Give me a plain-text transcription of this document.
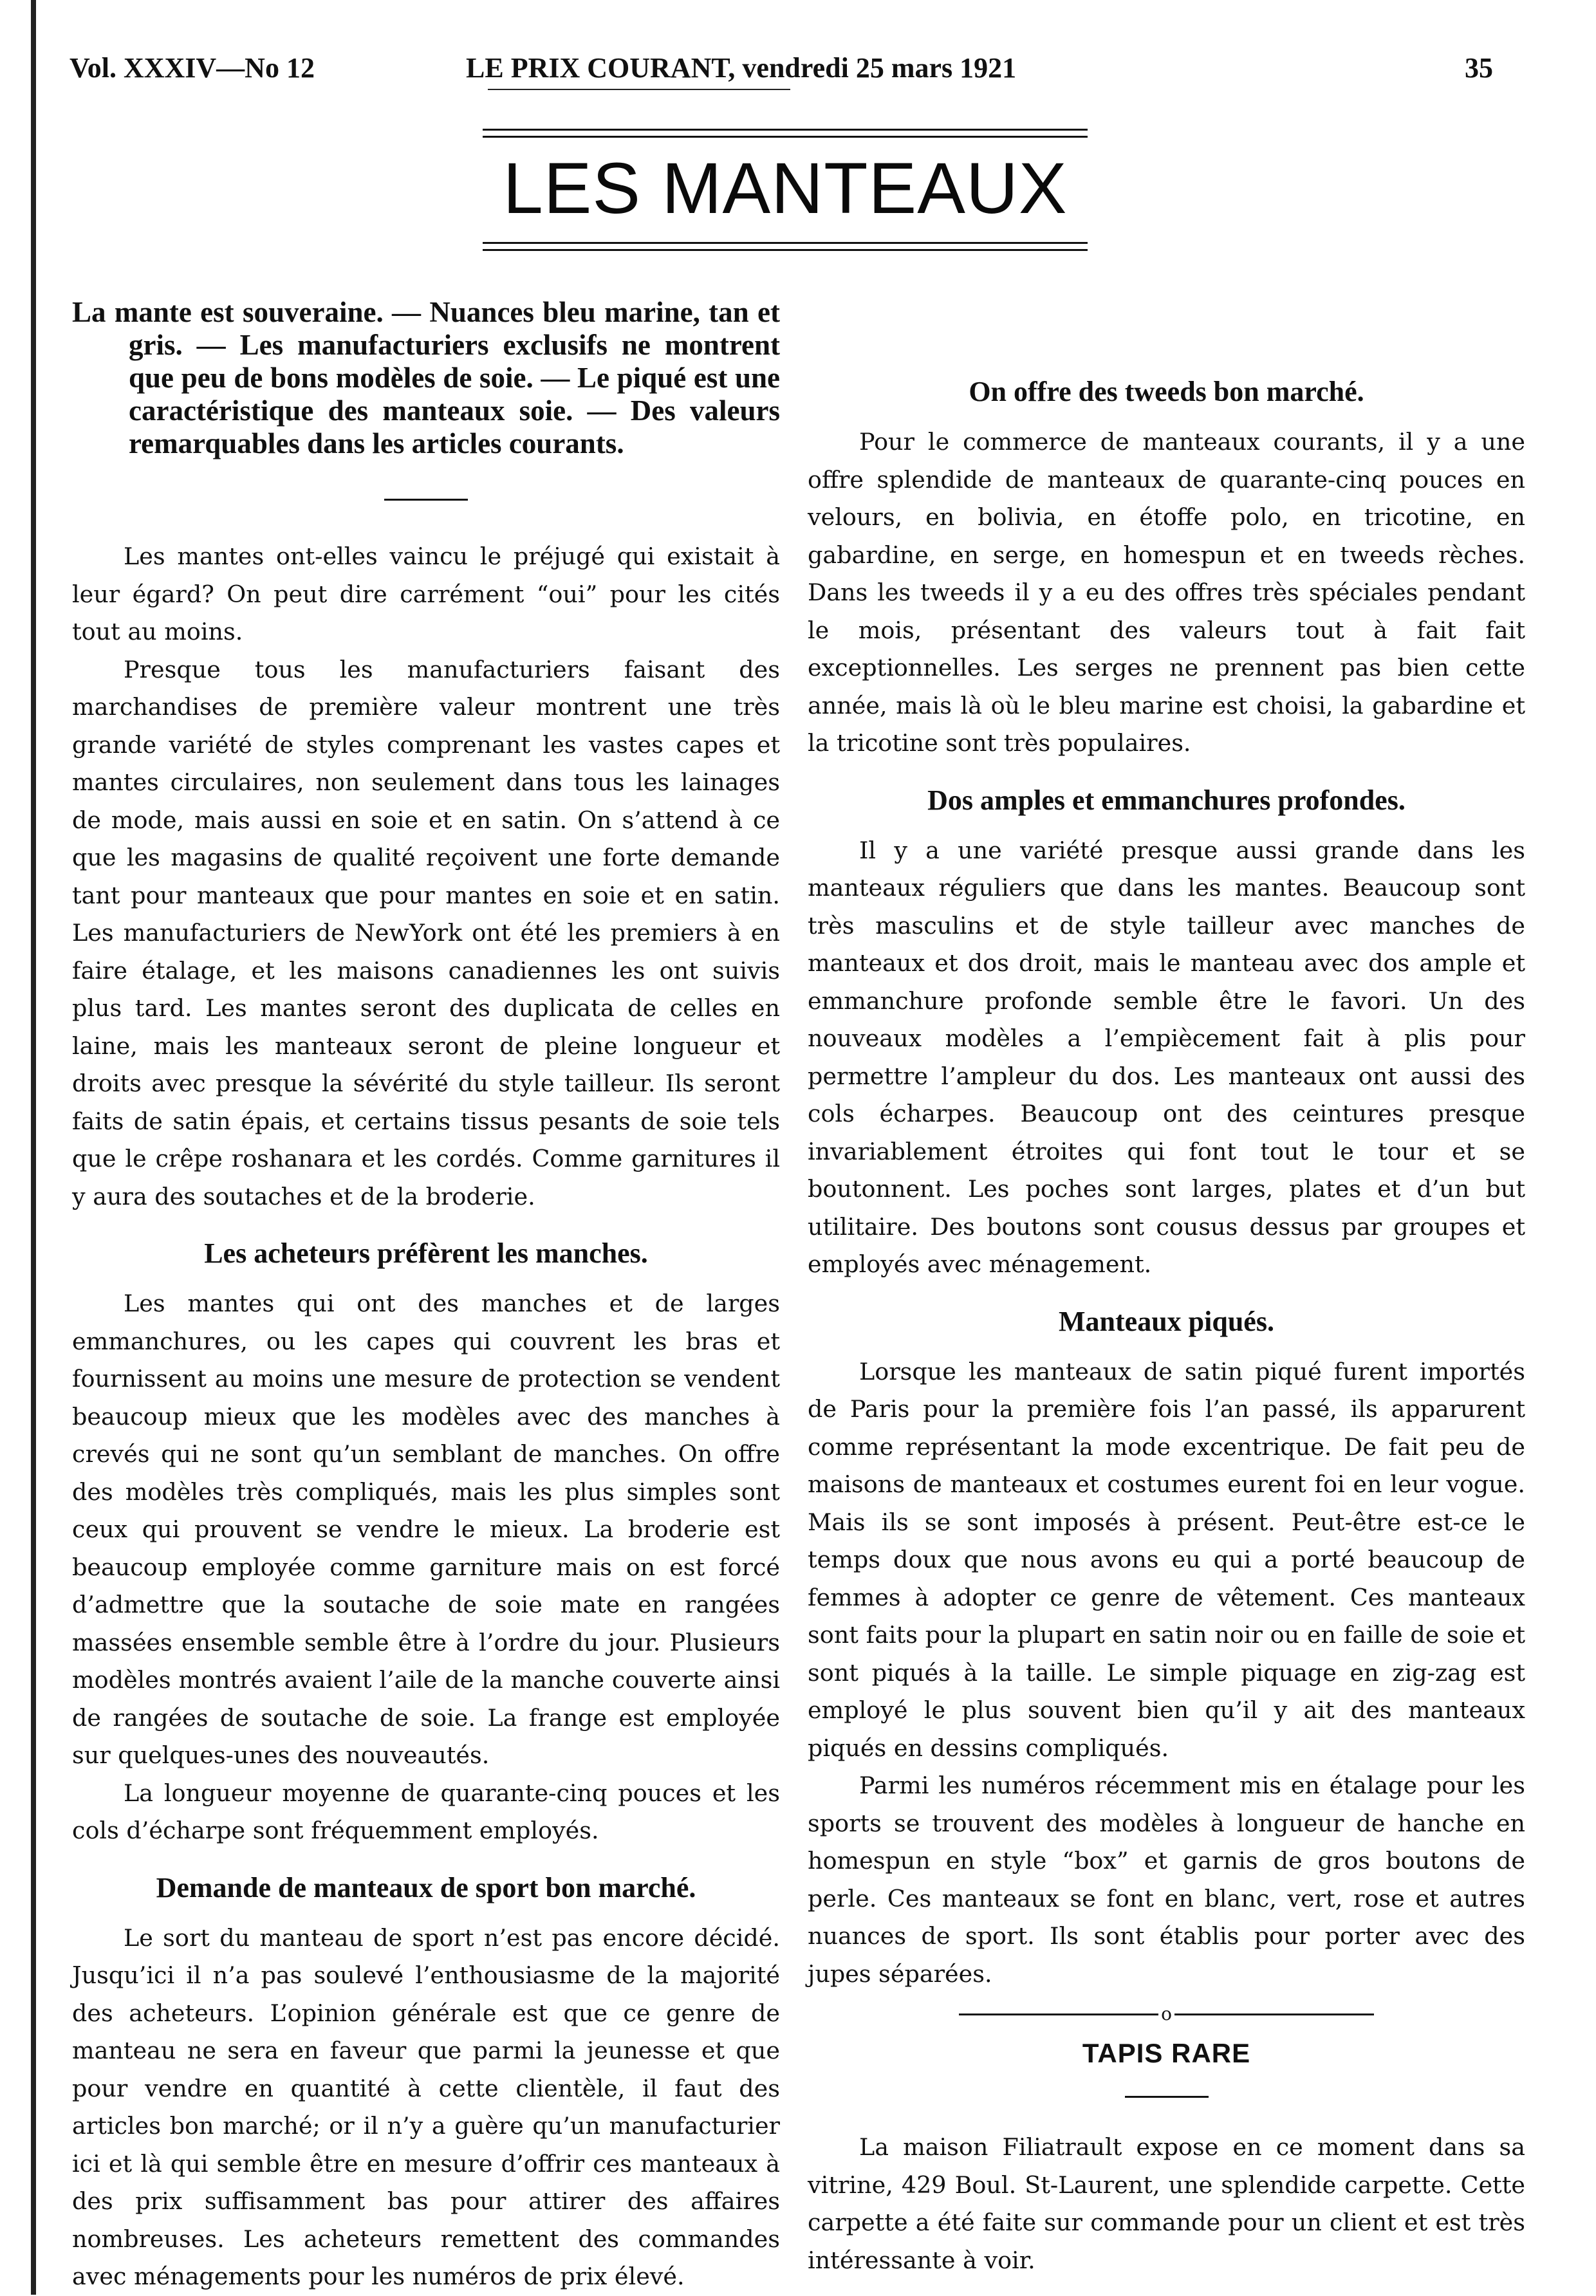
Vol. XXXIV—No 12	LE PRIX COURANT, vendredi 25 mars 1921	35
LES MANTEAUX

La mante est souveraine. — Nuances bleu marine, tan et gris. — Les manufacturiers exclusifs ne montrent que peu de bons modèles de soie. — Le piqué est une caractéristique des manteaux soie. — Des valeurs remarquables dans les articles courants.

Les mantes ont-elles vaincu le préjugé qui existait à leur égard? On peut dire carrément “oui” pour les cités tout au moins.

Presque tous les manufacturiers faisant des marchandises de première valeur montrent une très grande variété de styles comprenant les vastes capes et mantes circulaires, non seulement dans tous les lainages de mode, mais aussi en soie et en satin. On s’attend à ce que les magasins de qualité reçoivent une forte demande tant pour manteaux que pour mantes en soie et en satin. Les manufacturiers de NewYork ont été les premiers à en faire étalage, et les maisons canadiennes les ont suivis plus tard. Les mantes seront des duplicata de celles en laine, mais les manteaux seront de pleine longueur et droits avec presque la sévérité du style tailleur. Ils seront faits de satin épais, et certains tissus pesants de soie tels que le crêpe roshanara et les cordés. Comme garnitures il y aura des soutaches et de la broderie.

Les acheteurs préfèrent les manches.

Les mantes qui ont des manches et de larges emmanchures, ou les capes qui couvrent les bras et fournissent au moins une mesure de protection se vendent beaucoup mieux que les modèles avec des manches à crevés qui ne sont qu’un semblant de manches. On offre des modèles très compliqués, mais les plus simples sont ceux qui prouvent se vendre le mieux. La broderie est beaucoup employée comme garniture mais on est forcé d’admettre que la soutache de soie mate en rangées massées ensemble semble être à l’ordre du jour. Plusieurs modèles montrés avaient l’aile de la manche couverte ainsi de rangées de soutache de soie. La frange est employée sur quelques-unes des nouveautés.

La longueur moyenne de quarante-cinq pouces et les cols d’écharpe sont fréquemment employés.

Demande de manteaux de sport bon marché.

Le sort du manteau de sport n’est pas encore décidé. Jusqu’ici il n’a pas soulevé l’enthousiasme de la majorité des acheteurs. L’opinion générale est que ce genre de manteau ne sera en faveur que parmi la jeunesse et que pour vendre en quantité à cette clientèle, il faut des articles bon marché; or il n’y a guère qu’un manufacturier ici et là qui semble être en mesure d’offrir ces manteaux à des prix suffisamment bas pour attirer des affaires nombreuses. Les acheteurs remettent des commandes avec ménagements pour les numéros de prix élevé.

On offre des tweeds bon marché.

Pour le commerce de manteaux courants, il y a une offre splendide de manteaux de quarante-cinq pouces en velours, en bolivia, en étoffe polo, en tricotine, en gabardine, en serge, en homespun et en tweeds rèches. Dans les tweeds il y a eu des offres très spéciales pendant le mois, présentant des valeurs tout à fait fait exceptionnelles. Les serges ne prennent pas bien cette année, mais là où le bleu marine est choisi, la gabardine et la tricotine sont très populaires.

Dos amples et emmanchures profondes.

Il y a une variété presque aussi grande dans les manteaux réguliers que dans les mantes. Beaucoup sont très masculins et de style tailleur avec manches de manteaux et dos droit, mais le manteau avec dos ample et emmanchure profonde semble être le favori. Un des nouveaux modèles a l’empiècement fait à plis pour permettre l’ampleur du dos. Les manteaux ont aussi des cols écharpes. Beaucoup ont des ceintures presque invariablement étroites qui font tout le tour et se boutonnent. Les poches sont larges, plates et d’un but utilitaire. Des boutons sont cousus dessus par groupes et employés avec ménagement.

Manteaux piqués.

Lorsque les manteaux de satin piqué furent importés de Paris pour la première fois l’an passé, ils apparurent comme représentant la mode excentrique. De fait peu de maisons de manteaux et costumes eurent foi en leur vogue. Mais ils se sont imposés à présent. Peut-être est-ce le temps doux que nous avons eu qui a porté beaucoup de femmes à adopter ce genre de vêtement. Ces manteaux sont faits pour la plupart en satin noir ou en faille de soie et sont piqués à la taille. Le simple piquage en zig-zag est employé le plus souvent bien qu’il y ait des manteaux piqués en dessins compliqués.

Parmi les numéros récemment mis en étalage pour les sports se trouvent des modèles à longueur de hanche en homespun en style “box” et garnis de gros boutons de perle. Ces manteaux se font en blanc, vert, rose et autres nuances de sport. Ils sont établis pour porter avec des jupes séparées.

o
TAPIS RARE

La maison Filiatrault expose en ce moment dans sa vitrine, 429 Boul. St-Laurent, une splendide carpette. Cette carpette a été faite sur commande pour un client et est très intéressante à voir.
